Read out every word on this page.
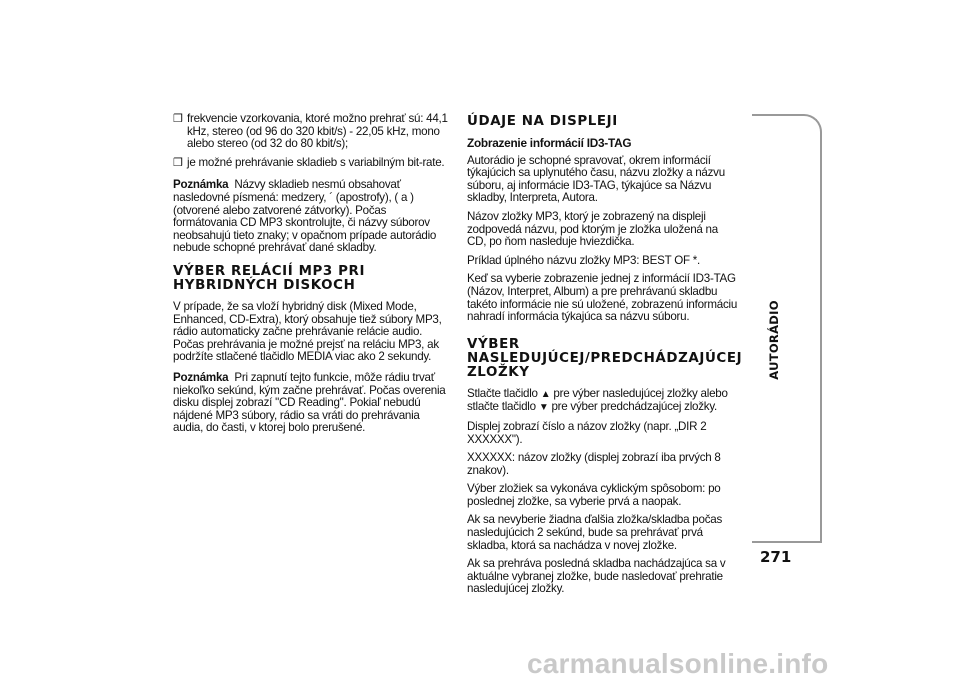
❒ frekvencie vzorkovania, ktoré možno prehrať sú: 44,1 kHz, stereo (od 96 do 320 kbit/s) - 22,05 kHz, mono alebo stereo (od 32 do 80 kbit/s);
❒ je možné prehrávanie skladieb s variabilným bit-rate.

Poznámka Názvy skladieb nesmú obsahovať nasledovné písmená: medzery, ´ (apostrofy), ( a ) (otvorené alebo zatvorené zátvorky). Počas formátovania CD MP3 skontrolujte, či názvy súborov neobsahujú tieto znaky; v opačnom prípade autorádio nebude schopné prehrávať dané skladby.

VÝBER RELÁCIÍ MP3 PRI HYBRIDNÝCH DISKOCH

V prípade, že sa vloží hybridný disk (Mixed Mode, Enhanced, CD-Extra), ktorý obsahuje tiež súbory MP3, rádio automaticky začne prehrávanie relácie audio. Počas prehrávania je možné prejsť na reláciu MP3, ak podržíte stlačené tlačidlo MEDIA viac ako 2 sekundy.

Poznámka Pri zapnutí tejto funkcie, môže rádiu trvať niekoľko sekúnd, kým začne prehrávať. Počas overenia disku displej zobrazí "CD Reading". Pokiaľ nebudú nájdené MP3 súbory, rádio sa vráti do prehrávania audia, do časti, v ktorej bolo prerušené.

ÚDAJE NA DISPLEJI
Zobrazenie informácií ID3-TAG

Autorádio je schopné spravovať, okrem informácií týkajúcich sa uplynutého času, názvu zložky a názvu súboru, aj informácie ID3-TAG, týkajúce sa Názvu skladby, Interpreta, Autora.

Názov zložky MP3, ktorý je zobrazený na displeji zodpovedá názvu, pod ktorým je zložka uložená na CD, po ňom nasleduje hviezdička.

Príklad úplného názvu zložky MP3: BEST OF *.

Keď sa vyberie zobrazenie jednej z informácií ID3-TAG (Názov, Interpret, Album) a pre prehrávanú skladbu takéto informácie nie sú uložené, zobrazenú informáciu nahradí informácia týkajúca sa názvu súboru.

VÝBER NASLEDUJÚCEJ/PREDCHÁDZAJÚCEJ ZLOŽKY

Stlačte tlačidlo ▲ pre výber nasledujúcej zložky alebo stlačte tlačidlo ▼ pre výber predchádzajúcej zložky.

Displej zobrazí číslo a názov zložky (napr. „DIR 2 XXXXXX").

XXXXXX: názov zložky (displej zobrazí iba prvých 8 znakov).

Výber zložiek sa vykonáva cyklickým spôsobom: po poslednej zložke, sa vyberie prvá a naopak.

Ak sa nevyberie žiadna ďalšia zložka/skladba počas nasledujúcich 2 sekúnd, bude sa prehrávať prvá skladba, ktorá sa nachádza v novej zložke.

Ak sa prehráva posledná skladba nachádzajúca sa v aktuálne vybranej zložke, bude nasledovať prehratie nasledujúcej zložky.

AUTORÁDIO
271
carmanualsonline.info
